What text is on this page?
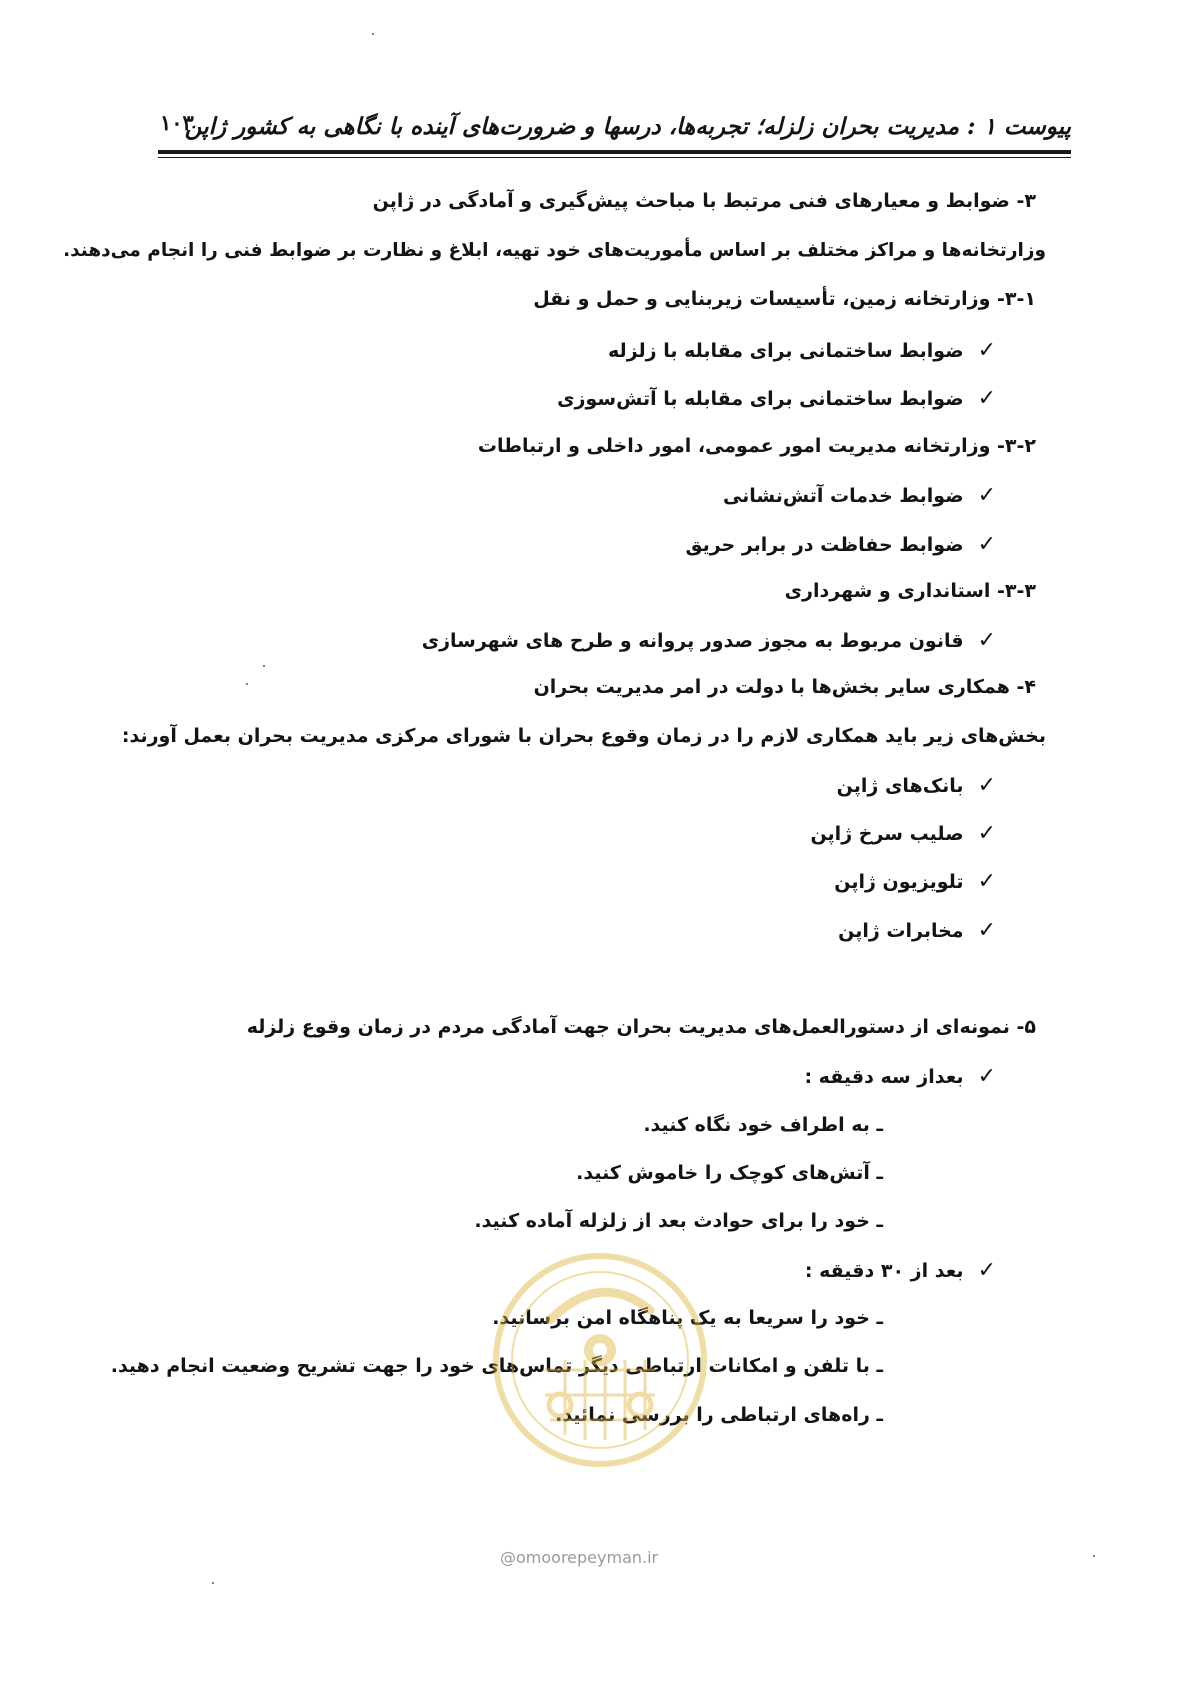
پیوست ۱ : مدیریت بحران زلزله؛ تجربه‌ها، درسها و ضرورت‌های آینده با نگاهی به کشور ژاپن
۱۰۳
۳- ضوابط و معیارهای فنی مرتبط با مباحث پیش‌گیری و آمادگی در ژاپن
وزارتخانه‌ها و مراکز مختلف بر اساس مأموریت‌های خود تهیه، ابلاغ و نظارت بر ضوابط فنی را انجام می‌دهند.
۳-۱- وزارتخانه زمین، تأسیسات زیربنایی و حمل و نقل
✓ضوابط ساختمانی برای مقابله با زلزله
✓ضوابط ساختمانی برای مقابله با آتش‌سوزی
۳-۲- وزارتخانه مدیریت امور عمومی، امور داخلی و ارتباطات
✓ضوابط خدمات آتش‌نشانی
✓ضوابط حفاظت در برابر حریق
۳-۳- استانداری و شهرداری
✓قانون مربوط به مجوز صدور پروانه و طرح های شهرسازی
۴- همکاری سایر بخش‌ها با دولت در امر مدیریت بحران
بخش‌های زیر باید همکاری لازم را در زمان وقوع بحران با شورای مرکزی مدیریت بحران بعمل آورند:
✓بانک‌های ژاپن
✓صلیب سرخ ژاپن
✓تلویزیون ژاپن
✓مخابرات ژاپن
۵- نمونه‌ای از دستورالعمل‌های مدیریت بحران جهت آمادگی مردم در زمان وقوع زلزله
✓بعداز سه دقیقه :
ـ به اطراف خود نگاه کنید.
ـ آتش‌های کوچک را خاموش کنید.
ـ خود را برای حوادث بعد از زلزله آماده کنید.
✓بعد از ۳۰ دقیقه :
ـ خود را سریعا به یک پناهگاه امن برسانید.
ـ با تلفن و امکانات ارتباطی دیگر تماس‌های خود را جهت تشریح وضعیت انجام دهید.
ـ راه‌های ارتباطی را بررسی نمائید.
@omoorepeyman.ir
